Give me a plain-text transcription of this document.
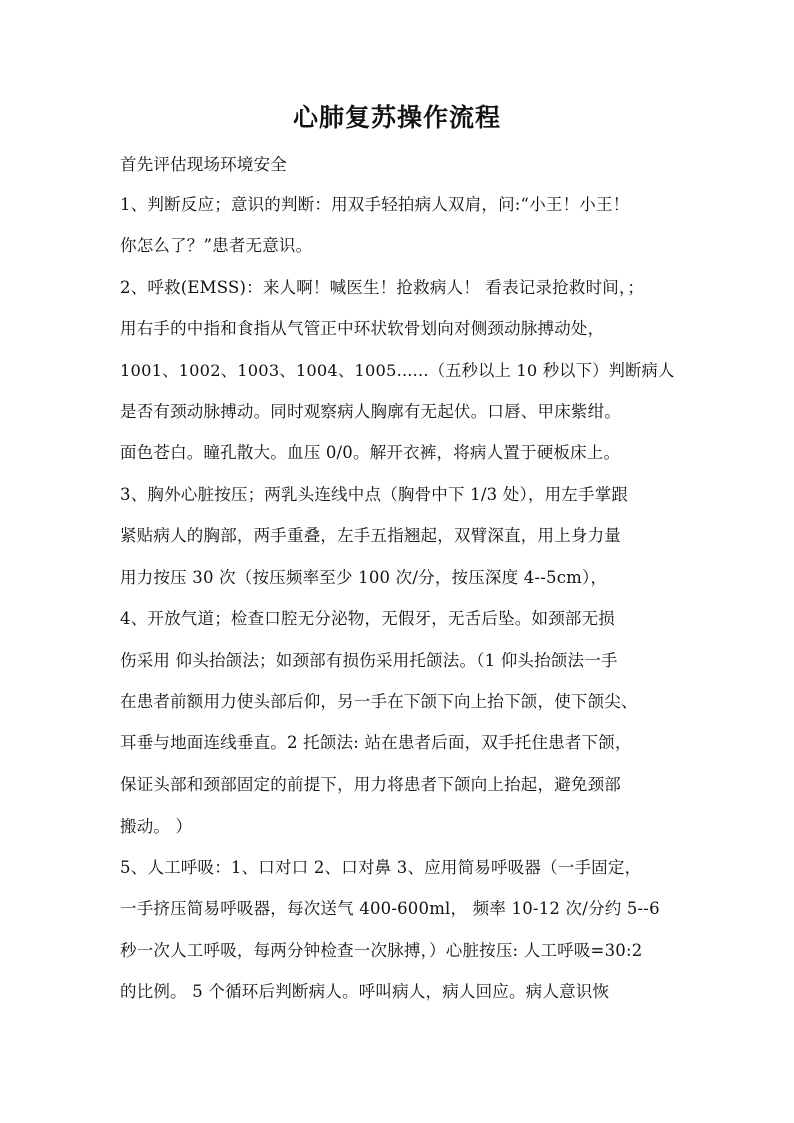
心肺复苏操作流程
首先评估现场环境安全
1、判断反应；意识的判断：用双手轻拍病人双肩，问:“小王！小王！
你怎么了？”患者无意识。
2、呼救(EMSS)：来人啊！喊医生！抢救病人！ 看表记录抢救时间，；
用右手的中指和食指从气管正中环状软骨划向对侧颈动脉搏动处，
1001、1002、1003、1004、1005......（五秒以上 10 秒以下）判断病人
是否有颈动脉搏动。同时观察病人胸廓有无起伏。口唇、甲床紫绀。
面色苍白。瞳孔散大。血压 0/0。解开衣裤，将病人置于硬板床上。
3、胸外心脏按压；两乳头连线中点（胸骨中下 1/3 处），用左手掌跟
紧贴病人的胸部，两手重叠，左手五指翘起，双臂深直，用上身力量
用力按压 30 次（按压频率至少 100 次/分，按压深度 4--5cm），
4、开放气道；检查口腔无分泌物，无假牙，无舌后坠。如颈部无损
伤采用 仰头抬颌法；如颈部有损伤采用托颌法。（1 仰头抬颌法一手
在患者前额用力使头部后仰，另一手在下颌下向上抬下颌，使下颌尖、
耳垂与地面连线垂直。2 托颌法: 站在患者后面，双手托住患者下颌，
保证头部和颈部固定的前提下，用力将患者下颌向上抬起，避免颈部
搬动。 ）
5、人工呼吸：1、口对口 2、口对鼻 3、应用简易呼吸器（一手固定，
一手挤压简易呼吸器，每次送气 400-600ml， 频率 10-12 次/分约 5--6
秒一次人工呼吸，每两分钟检查一次脉搏，）心脏按压: 人工呼吸=30:2
的比例。 5 个循环后判断病人。呼叫病人，病人回应。病人意识恢
